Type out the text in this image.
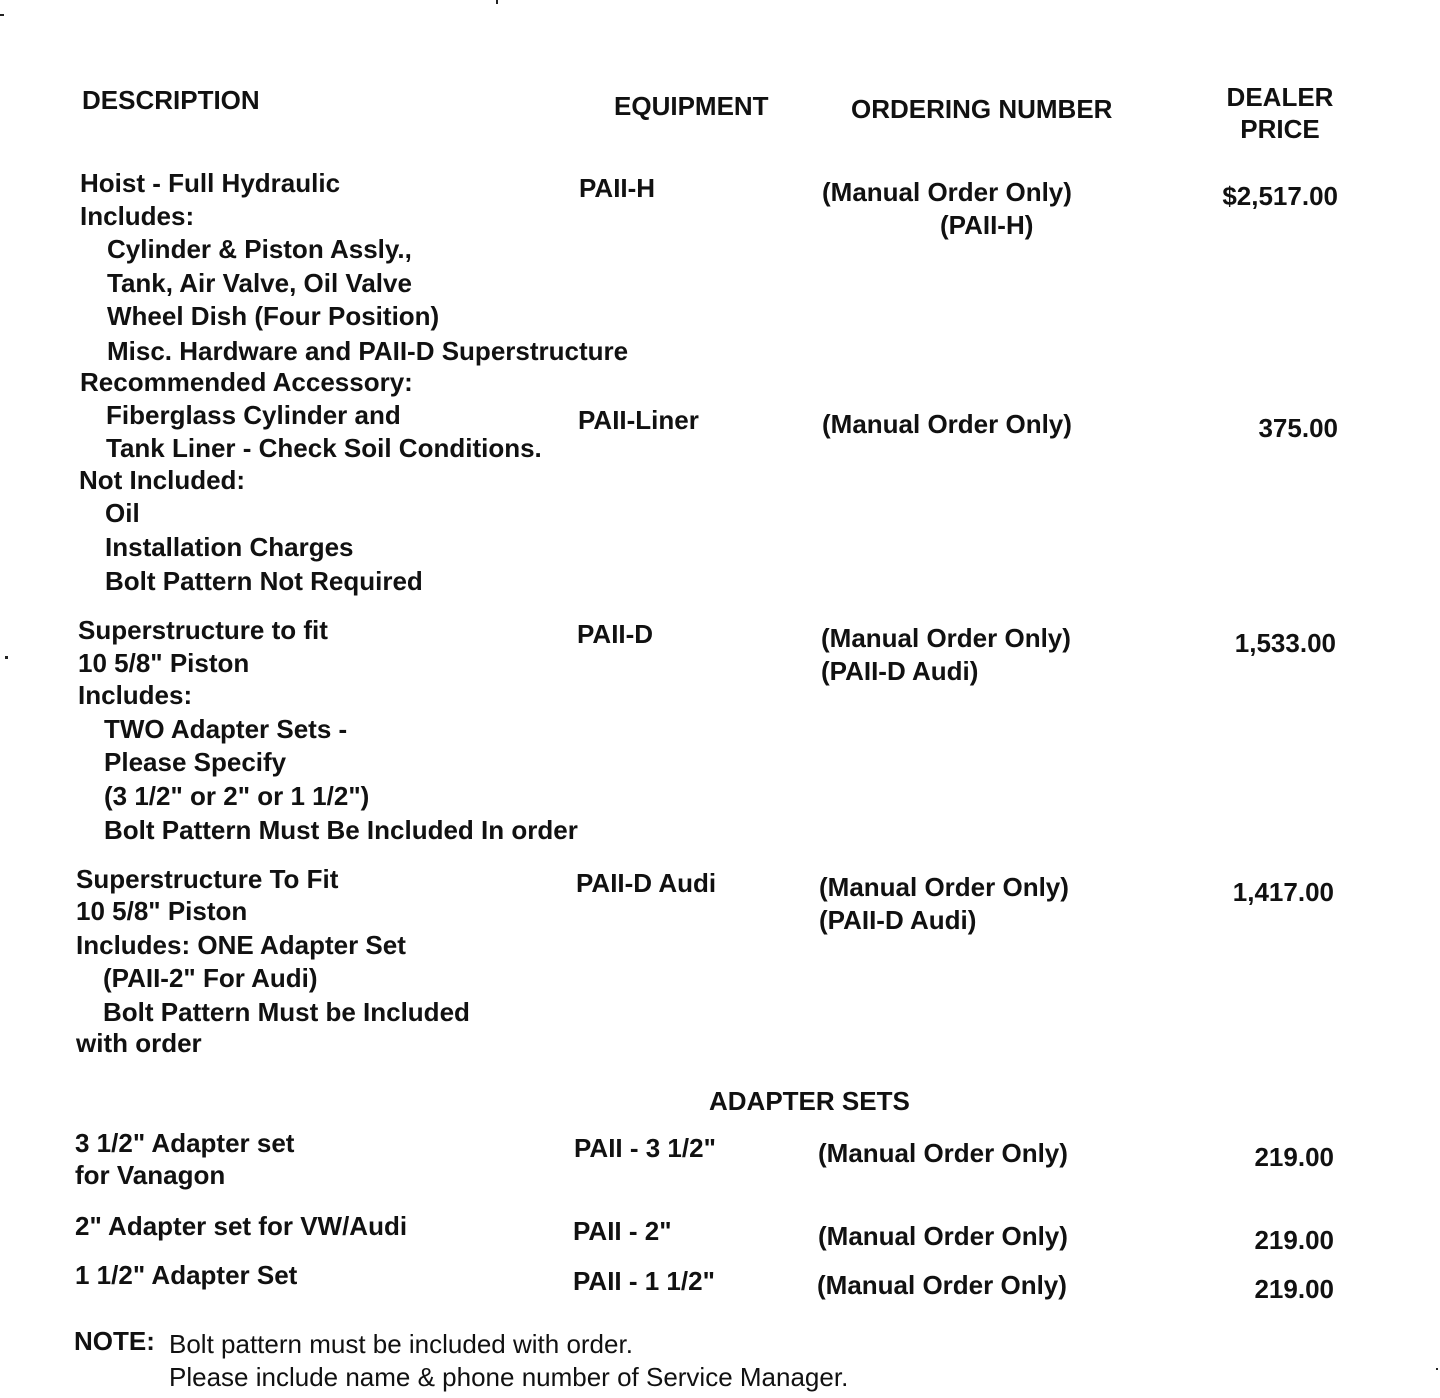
DESCRIPTION	EQUIPMENT	ORDERING NUMBER	DEALER
PRICE
Hoist - Full Hydraulic
Includes:
Cylinder & Piston Assly.,
Tank, Air Valve, Oil Valve
Wheel Dish (Four Position)
Misc. Hardware and PAII-D Superstructure
PAII-H	(Manual Order Only)
(PAII-H)
$2,517.00
Recommended Accessory:
Fiberglass Cylinder and
Tank Liner - Check Soil Conditions.
Not Included:
Oil
Installation Charges
Bolt Pattern Not Required
PAII-Liner	(Manual Order Only)	375.00
Superstructure to fit
10 5/8" Piston
Includes:
TWO Adapter Sets -
Please Specify
(3 1/2" or 2" or 1 1/2")
Bolt Pattern Must Be Included In order
PAII-D	(Manual Order Only)
(PAII-D Audi)
1,533.00
Superstructure To Fit
10 5/8" Piston
Includes: ONE Adapter Set
(PAII-2" For Audi)
Bolt Pattern Must be Included
with order
PAII-D Audi	(Manual Order Only)
(PAII-D Audi)
1,417.00
ADAPTER SETS
3 1/2" Adapter set
for Vanagon
PAII - 3 1/2"	(Manual Order Only)	219.00
2" Adapter set for VW/Audi	PAII - 2"	(Manual Order Only)	219.00
1 1/2" Adapter Set	PAII - 1 1/2"	(Manual Order Only)	219.00
NOTE: Bolt pattern must be included with order.
Please include name & phone number of Service Manager.
